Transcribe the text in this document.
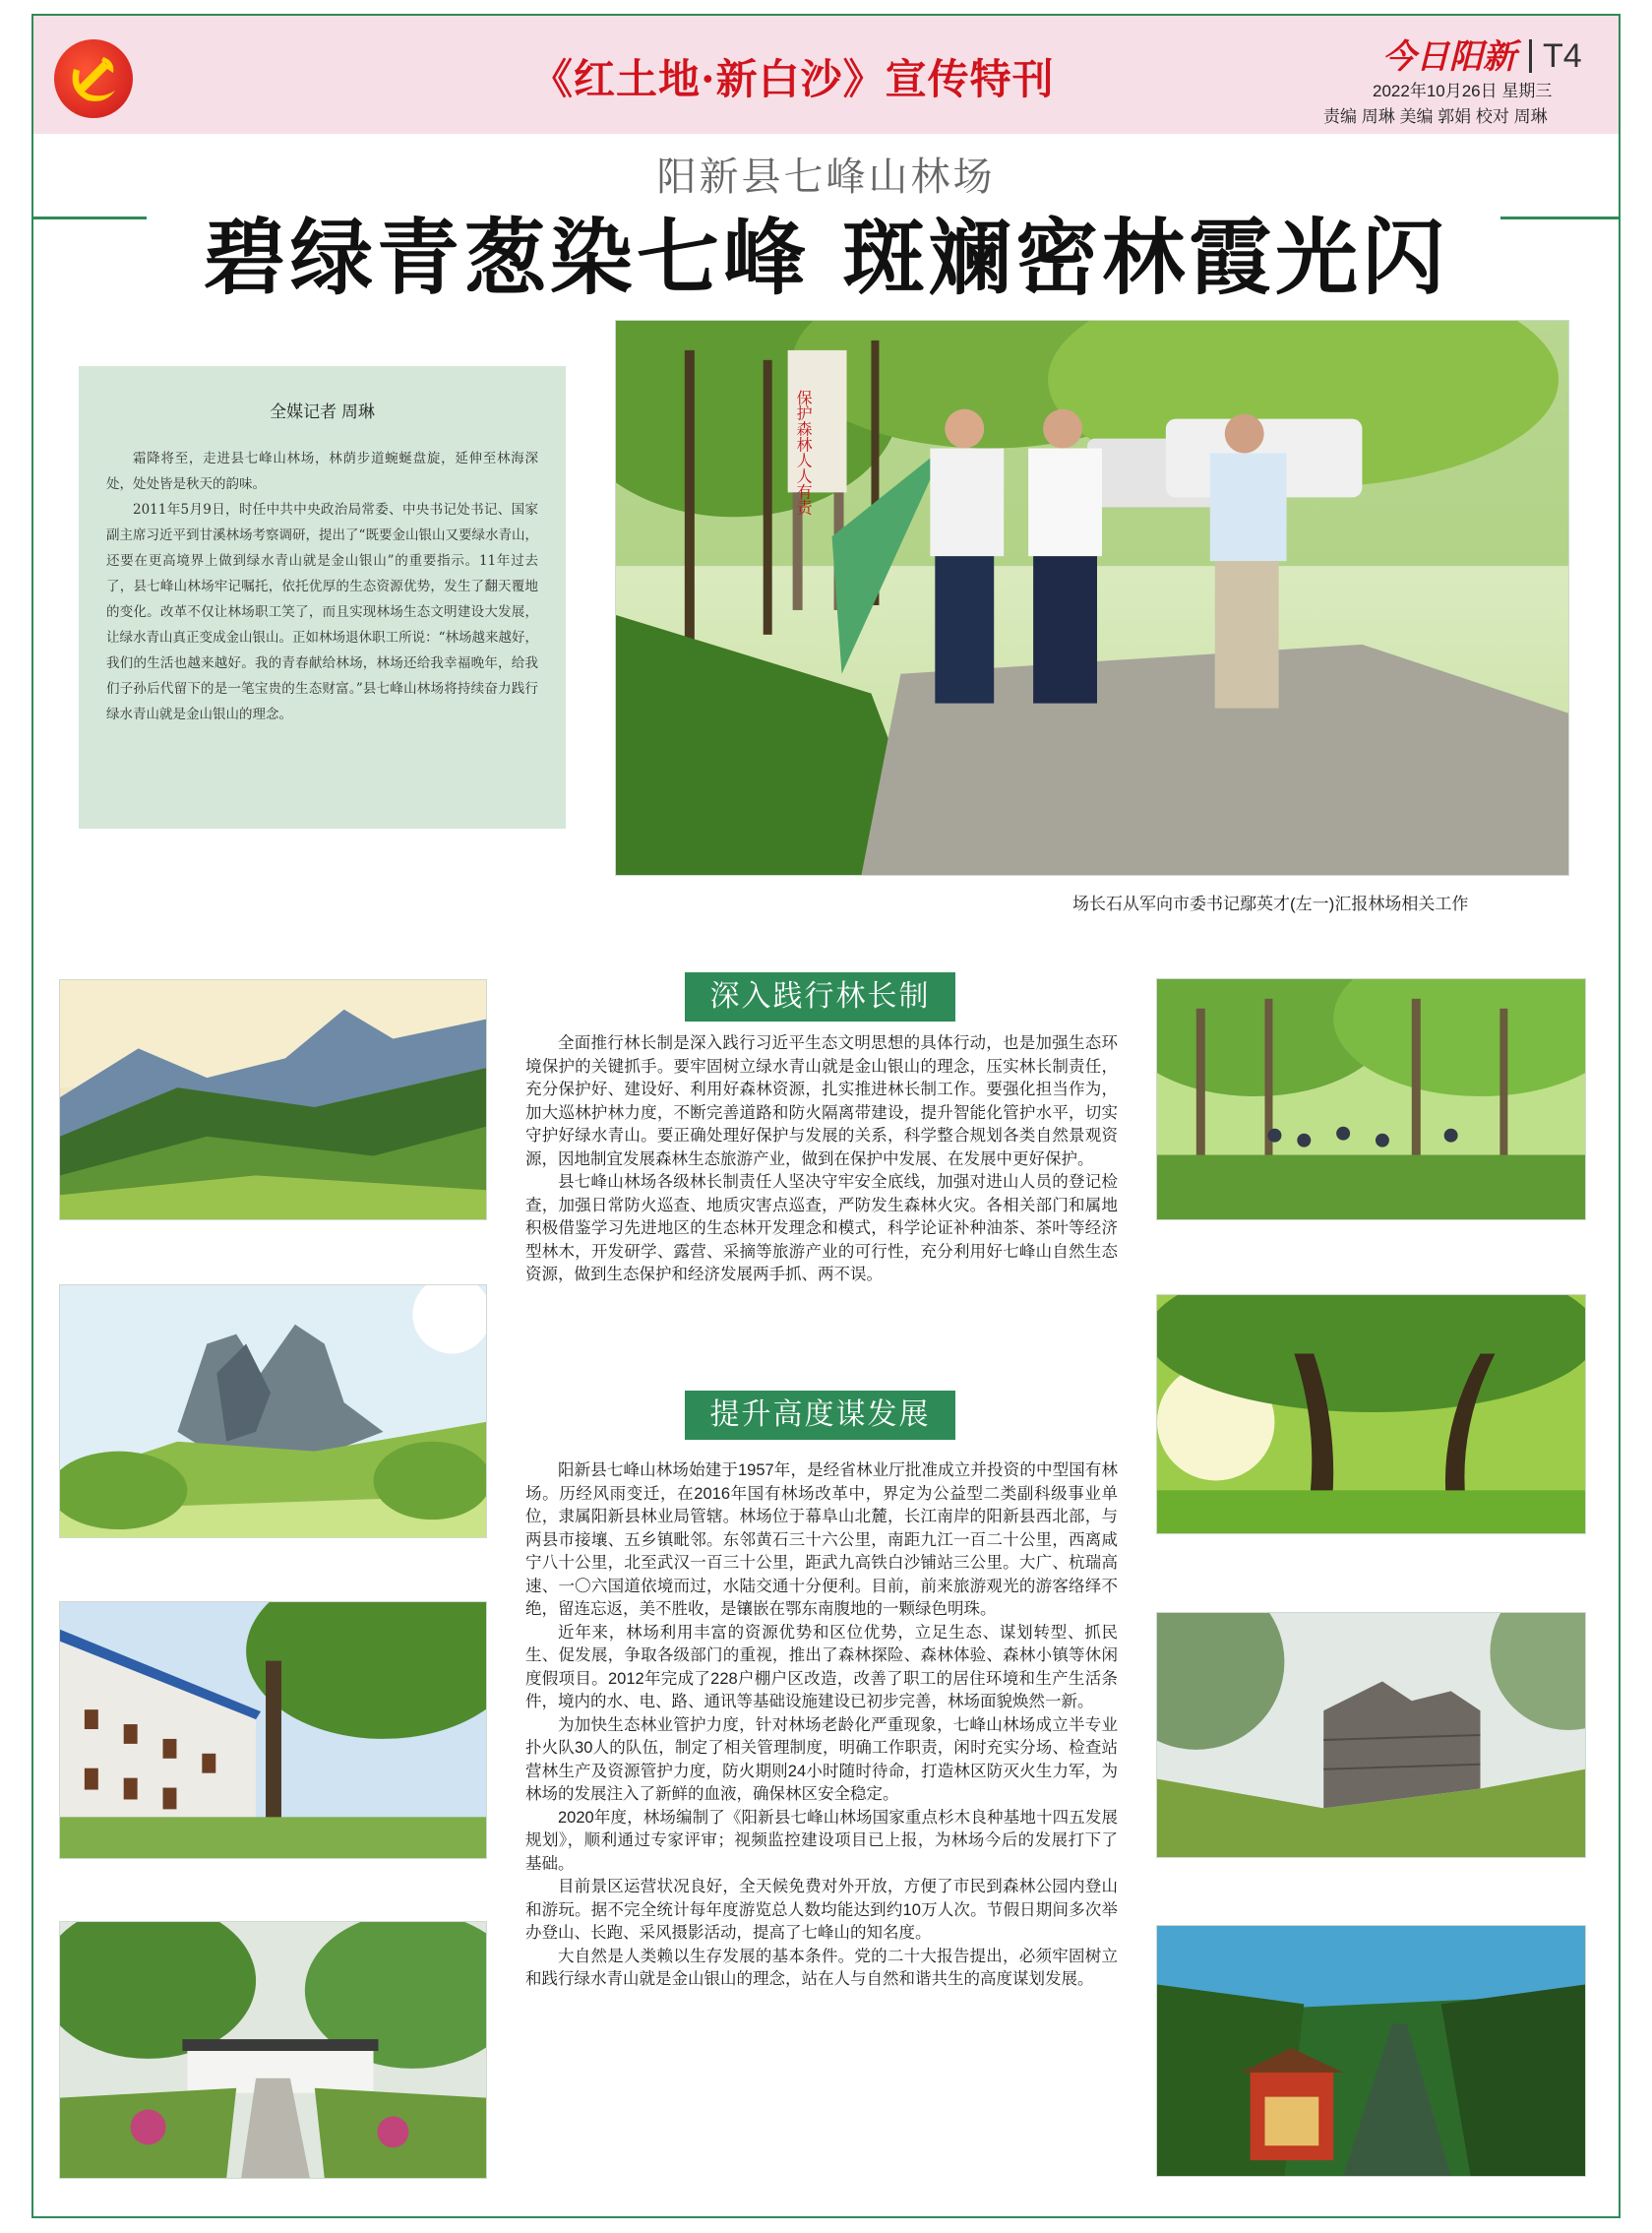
《红土地·新白沙》宣传特刊	今日阳新 T4
2022年10月26日 星期三
责编 周琳 美编 郭娟 校对 周琳
阳新县七峰山林场
碧绿青葱染七峰 斑斓密林霞光闪
全媒记者 周琳

霜降将至，走进县七峰山林场，林荫步道蜿蜒盘旋，延伸至林海深处，处处皆是秋天的韵味。

2011年5月9日，时任中共中央政治局常委、中央书记处书记、国家副主席习近平到甘溪林场考察调研，提出了“既要金山银山又要绿水青山，还要在更高境界上做到绿水青山就是金山银山”的重要指示。11年过去了，县七峰山林场牢记嘱托，依托优厚的生态资源优势，发生了翻天覆地的变化。改革不仅让林场职工笑了，而且实现林场生态文明建设大发展，让绿水青山真正变成金山银山。正如林场退休职工所说：“林场越来越好，我们的生活也越来越好。我的青春献给林场，林场还给我幸福晚年，给我们子孙后代留下的是一笔宝贵的生态财富。”县七峰山林场将持续奋力践行绿水青山就是金山银山的理念。

保护森林人人有责
场长石从军向市委书记鄢英才(左一)汇报林场相关工作
深入践行林长制

全面推行林长制是深入践行习近平生态文明思想的具体行动，也是加强生态环境保护的关键抓手。要牢固树立绿水青山就是金山银山的理念，压实林长制责任，充分保护好、建设好、利用好森林资源，扎实推进林长制工作。要强化担当作为，加大巡林护林力度，不断完善道路和防火隔离带建设，提升智能化管护水平，切实守护好绿水青山。要正确处理好保护与发展的关系，科学整合规划各类自然景观资源，因地制宜发展森林生态旅游产业，做到在保护中发展、在发展中更好保护。

县七峰山林场各级林长制责任人坚决守牢安全底线，加强对进山人员的登记检查，加强日常防火巡查、地质灾害点巡查，严防发生森林火灾。各相关部门和属地积极借鉴学习先进地区的生态林开发理念和模式，科学论证补种油茶、茶叶等经济型林木，开发研学、露营、采摘等旅游产业的可行性，充分利用好七峰山自然生态资源，做到生态保护和经济发展两手抓、两不误。

提升高度谋发展

阳新县七峰山林场始建于1957年，是经省林业厅批准成立并投资的中型国有林场。历经风雨变迁，在2016年国有林场改革中，界定为公益型二类副科级事业单位，隶属阳新县林业局管辖。林场位于幕阜山北麓，长江南岸的阳新县西北部，与两县市接壤、五乡镇毗邻。东邻黄石三十六公里，南距九江一百二十公里，西离咸宁八十公里，北至武汉一百三十公里，距武九高铁白沙铺站三公里。大广、杭瑞高速、一〇六国道依境而过，水陆交通十分便利。目前，前来旅游观光的游客络绎不绝，留连忘返，美不胜收，是镶嵌在鄂东南腹地的一颗绿色明珠。

近年来，林场利用丰富的资源优势和区位优势，立足生态、谋划转型、抓民生、促发展，争取各级部门的重视，推出了森林探险、森林体验、森林小镇等休闲度假项目。2012年完成了228户棚户区改造，改善了职工的居住环境和生产生活条件，境内的水、电、路、通讯等基础设施建设已初步完善，林场面貌焕然一新。

为加快生态林业管护力度，针对林场老龄化严重现象，七峰山林场成立半专业扑火队30人的队伍，制定了相关管理制度，明确工作职责，闲时充实分场、检查站营林生产及资源管护力度，防火期则24小时随时待命，打造林区防灭火生力军，为林场的发展注入了新鲜的血液，确保林区安全稳定。

2020年度，林场编制了《阳新县七峰山林场国家重点杉木良种基地十四五发展规划》，顺利通过专家评审；视频监控建设项目已上报，为林场今后的发展打下了基础。

目前景区运营状况良好，全天候免费对外开放，方便了市民到森林公园内登山和游玩。据不完全统计每年度游览总人数均能达到约10万人次。节假日期间多次举办登山、长跑、采风摄影活动，提高了七峰山的知名度。

大自然是人类赖以生存发展的基本条件。党的二十大报告提出，必须牢固树立和践行绿水青山就是金山银山的理念，站在人与自然和谐共生的高度谋划发展。
